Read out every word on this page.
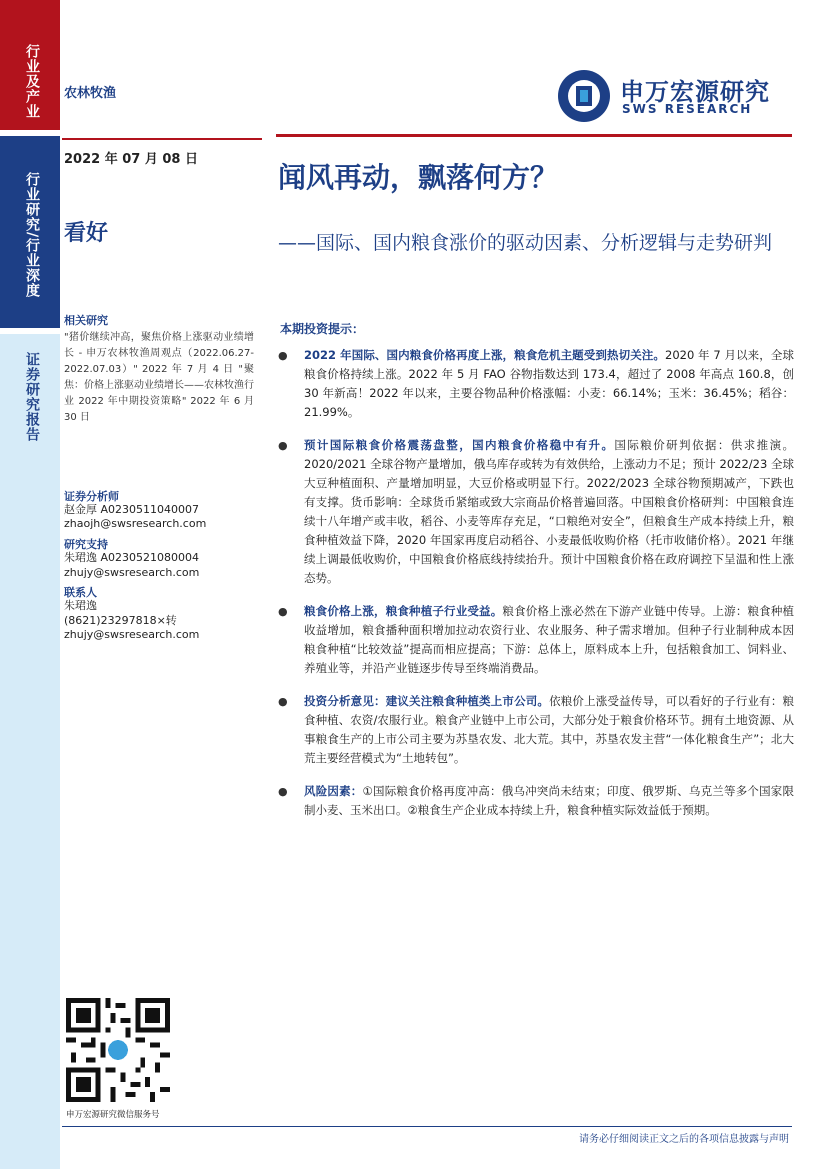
行业及产业
行业研究/行业深度
证券研究报告
农林牧渔	申万宏源研究
SWS RESEARCH
2022 年 07 月 08 日
闻风再动，飘落何方？
——国际、国内粮食涨价的驱动因素、分析逻辑与走势研判
看好
相关研究
"猪价继续冲高，聚焦价格上涨驱动业绩增长 - 申万农林牧渔周观点（2022.06.27-2022.07.03）" 2022 年 7 月 4 日 "聚焦：价格上涨驱动业绩增长——农林牧渔行业 2022 年中期投资策略" 2022 年 6 月 30 日
证券分析师
赵金厚 A0230511040007
zhaojh@swsresearch.com
研究支持
朱珺逸 A0230521080004
zhujy@swsresearch.com
联系人
朱珺逸
(8621)23297818×转
zhujy@swsresearch.com
本期投资提示：
● 2022 年国际、国内粮食价格再度上涨，粮食危机主题受到热切关注。2020 年 7 月以来，全球粮食价格持续上涨。2022 年 5 月 FAO 谷物指数达到 173.4，超过了 2008 年高点 160.8，创 30 年新高！2022 年以来，主要谷物品种价格涨幅：小麦：66.14%；玉米：36.45%；稻谷：21.99%。
● 预计国际粮食价格震荡盘整，国内粮食价格稳中有升。国际粮价研判依据：供求推演。2020/2021 全球谷物产量增加，俄乌库存或转为有效供给，上涨动力不足；预计 2022/23 全球大豆种植面积、产量增加明显，大豆价格或明显下行。2022/2023 全球谷物预期减产，下跌也有支撑。货币影响：全球货币紧缩或致大宗商品价格普遍回落。中国粮食价格研判：中国粮食连续十八年增产或丰收，稻谷、小麦等库存充足，“口粮绝对安全”，但粮食生产成本持续上升，粮食种植效益下降，2020 年国家再度启动稻谷、小麦最低收购价格（托市收储价格）。2021 年继续上调最低收购价，中国粮食价格底线持续抬升。预计中国粮食价格在政府调控下呈温和性上涨态势。
● 粮食价格上涨，粮食种植子行业受益。粮食价格上涨必然在下游产业链中传导。上游：粮食种植收益增加，粮食播种面积增加拉动农资行业、农业服务、种子需求增加。但种子行业制种成本因粮食种植“比较效益”提高而相应提高；下游：总体上，原料成本上升，包括粮食加工、饲料业、养殖业等，并沿产业链逐步传导至终端消费品。
● 投资分析意见：建议关注粮食种植类上市公司。依粮价上涨受益传导，可以看好的子行业有：粮食种植、农资/农服行业。粮食产业链中上市公司，大部分处于粮食价格环节。拥有土地资源、从事粮食生产的上市公司主要为苏垦农发、北大荒。其中，苏垦农发主营“一体化粮食生产”；北大荒主要经营模式为“土地转包”。
● 风险因素：①国际粮食价格再度冲高：俄乌冲突尚未结束；印度、俄罗斯、乌克兰等多个国家限制小麦、玉米出口。②粮食生产企业成本持续上升，粮食种植实际效益低于预期。
申万宏源研究微信服务号
请务必仔细阅读正文之后的各项信息披露与声明
